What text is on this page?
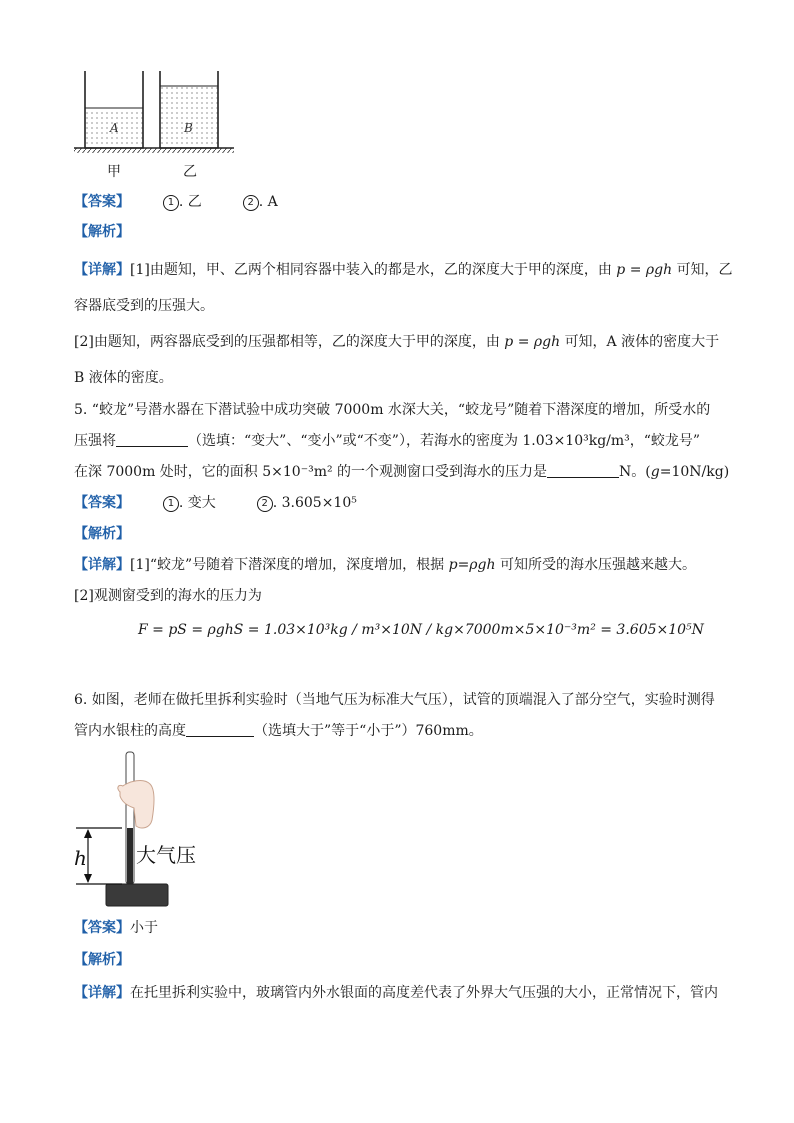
A	B
甲	乙
【答案】	1 . 乙	2 . A
【解析】
【详解】[1]由题知，甲、乙两个相同容器中装入的都是水，乙的深度大于甲的深度，由 p = ρgh 可知，乙
容器底受到的压强大。
[2]由题知，两容器底受到的压强都相等，乙的深度大于甲的深度，由 p = ρgh 可知，A 液体的密度大于
B 液体的密度。
5. “蛟龙”号潜水器在下潜试验中成功突破 7000m 水深大关，“蛟龙号”随着下潜深度的增加，所受水的
压强将	（选填：“变大”、“变小”或“不变”），若海水的密度为 1.03×10³kg/m³，“蛟龙号”
在深 7000m 处时，它的面积 5×10⁻³m² 的一个观测窗口受到海水的压力是	N。(g=10N/kg)
【答案】	1 . 变大	2 . 3.605×10⁵
【解析】
【详解】[1]“蛟龙”号随着下潜深度的增加，深度增加，根据 p=ρgh 可知所受的海水压强越来越大。
[2]观测窗受到的海水的压力为
F = pS = ρghS = 1.03×10³kg / m³×10N / kg×7000m×5×10⁻³m² = 3.605×10⁵N
6. 如图，老师在做托里拆利实验时（当地气压为标准大气压），试管的顶端混入了部分空气，实验时测得
管内水银柱的高度	（选填大于”等于“小于”）760mm。
h 大气压
【答案】小于
【解析】
【详解】在托里拆利实验中，玻璃管内外水银面的高度差代表了外界大气压强的大小，正常情况下，管内
